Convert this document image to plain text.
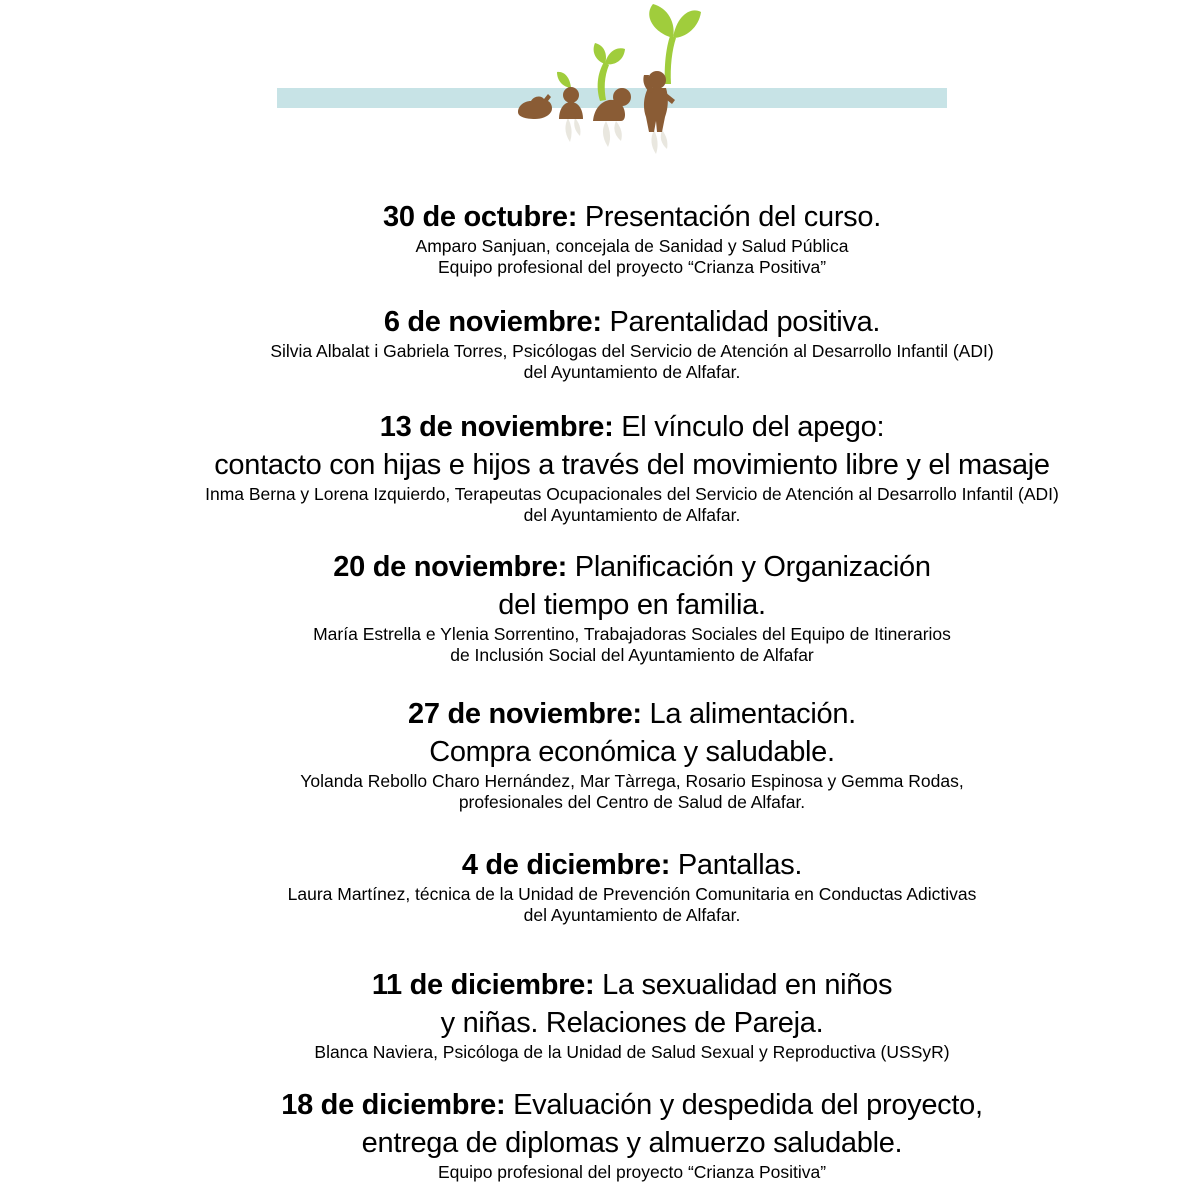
30 de octubre: Presentación del curso.

Amparo Sanjuan, concejala de Sanidad y Salud Pública

Equipo profesional del proyecto “Crianza Positiva”

6 de noviembre: Parentalidad positiva.

Silvia Albalat i Gabriela Torres, Psicólogas del Servicio de Atención al Desarrollo Infantil (ADI)

del Ayuntamiento de Alfafar.

13 de noviembre: El vínculo del apego:
contacto con hijas e hijos a través del movimiento libre y el masaje

Inma Berna y Lorena Izquierdo, Terapeutas Ocupacionales del Servicio de Atención al Desarrollo Infantil (ADI)

del Ayuntamiento de Alfafar.

20 de noviembre: Planificación y Organización
del tiempo en familia.

María Estrella e Ylenia Sorrentino, Trabajadoras Sociales del Equipo de Itinerarios

de Inclusión Social del Ayuntamiento de Alfafar

27 de noviembre: La alimentación.
Compra económica y saludable.

Yolanda Rebollo Charo Hernández, Mar Tàrrega, Rosario Espinosa y Gemma Rodas,

profesionales del Centro de Salud de Alfafar.

4 de diciembre: Pantallas.

Laura Martínez, técnica de la Unidad de Prevención Comunitaria en Conductas Adictivas

del Ayuntamiento de Alfafar.

11 de diciembre: La sexualidad en niños
y niñas. Relaciones de Pareja.

Blanca Naviera, Psicóloga de la Unidad de Salud Sexual y Reproductiva (USSyR)

18 de diciembre: Evaluación y despedida del proyecto,
entrega de diplomas y almuerzo saludable.

Equipo profesional del proyecto “Crianza Positiva”
